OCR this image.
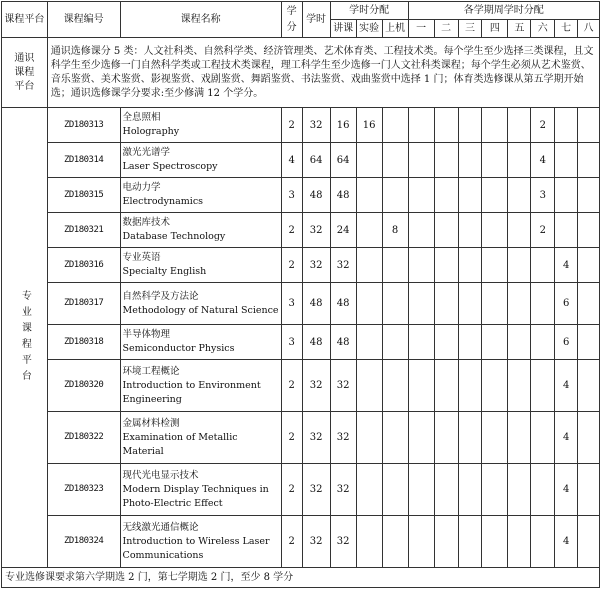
课程平台	课程编号	课程名称	学分	学时	学时分配			各学期周学时分配							
					讲课	实验	上机	一	二	三	四	五	六	七	八

通识课程平台	通识选修课分 5 类：人文社科类、自然科学类、经济管理类、艺术体育类、工程技术类。每个学生至少选择三类课程，且文科学生至少选修一门自然科学类或工程技术类课程，理工科学生至少选修一门人文社科类课程；每个学生必须从艺术鉴赏、音乐鉴赏、美术鉴赏、影视鉴赏、戏剧鉴赏、舞蹈鉴赏、书法鉴赏、戏曲鉴赏中选择 1 门；体育类选修课从第五学期开始选；通识选修课学分要求:至少修满 12 个学分。														

专业课程平台	ZD180313	全息照相
Holography	2	32	16	16							2		
	ZD180314	激光光谱学
Laser Spectroscopy	4	64	64								4		
	ZD180315	电动力学
Electrodynamics	3	48	48								3		
	ZD180321	数据库技术
Database Technology	2	32	24		8						2		
	ZD180316	专业英语
Specialty English	2	32	32									4	
	ZD180317	自然科学及方法论
Methodology of Natural Science	3	48	48									6	
	ZD180318	半导体物理
Semiconductor Physics	3	48	48									6	
	ZD180320	环境工程概论
Introduction to Environment Engineering	2	32	32									4	
	ZD180322	金属材料检测
Examination of Metallic Material	2	32	32									4	
	ZD180323	现代光电显示技术
Modern Display Techniques in Photo-Electric Effect	2	32	32									4	
	ZD180324	无线激光通信概论
Introduction to Wireless Laser Communications	2	32	32									4	
专业选修课要求第六学期选 2 门，第七学期选 2 门，至少 8 学分															
